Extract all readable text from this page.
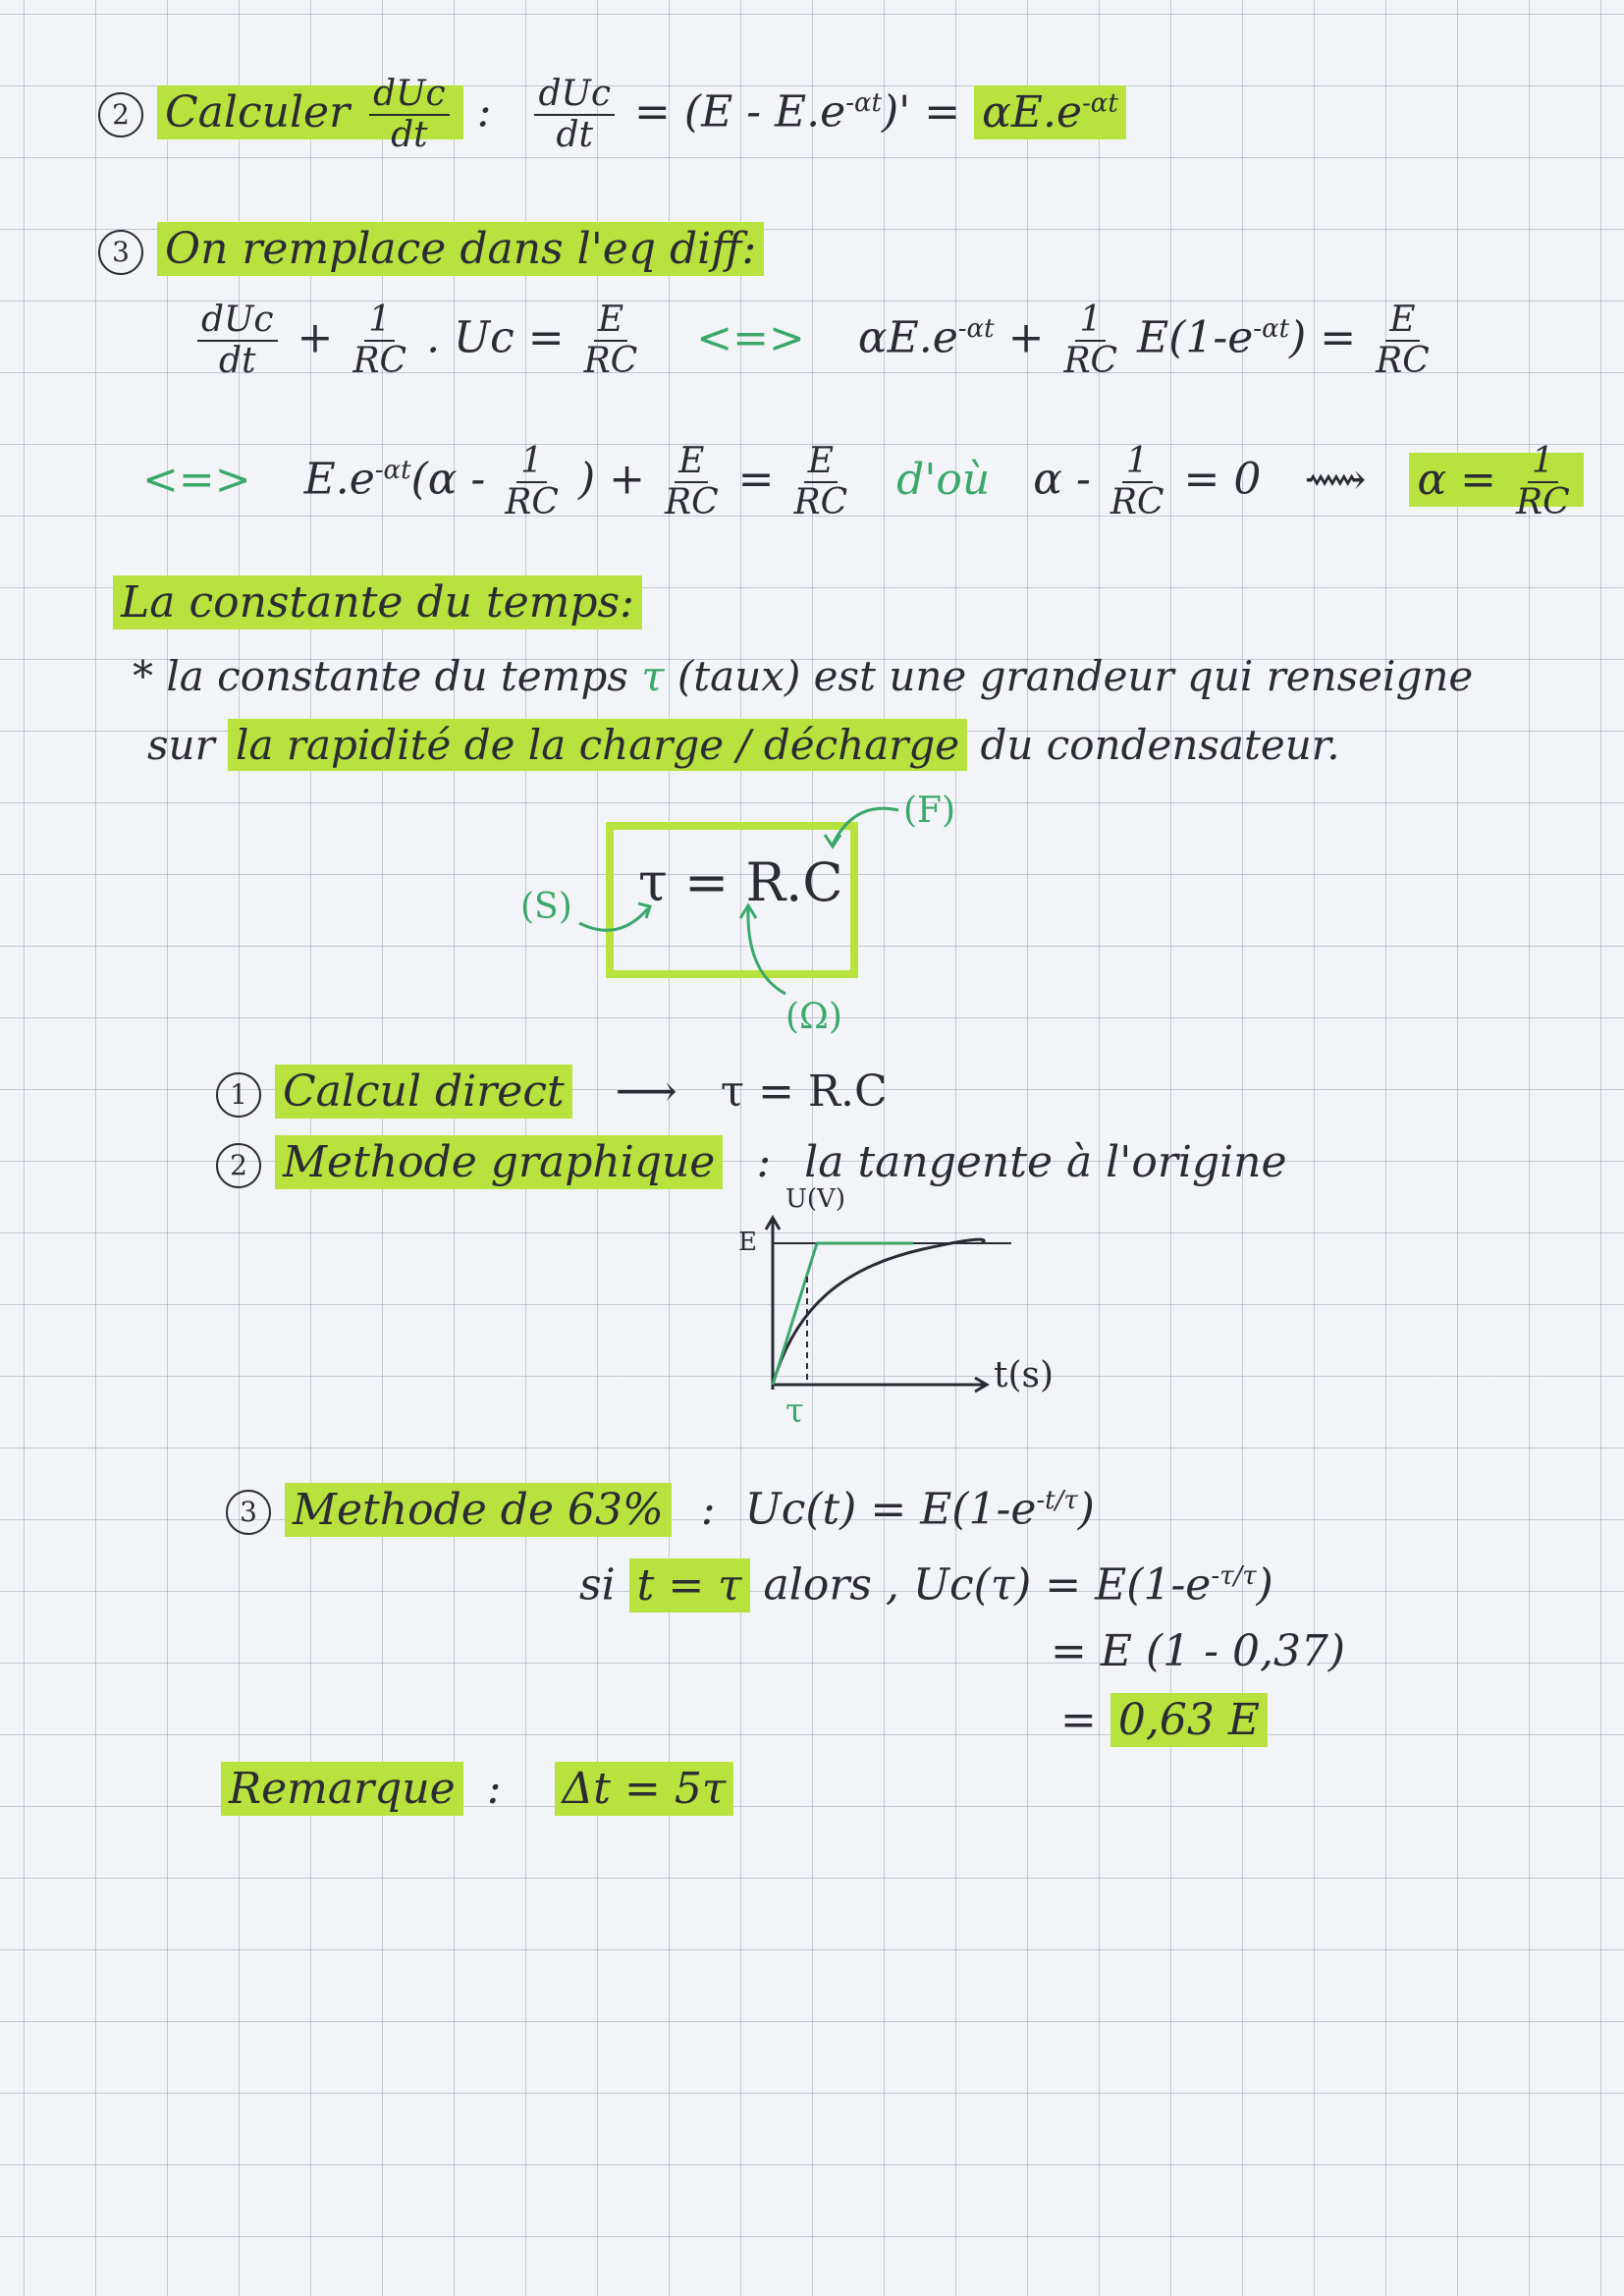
2 Calculer $\frac{\text{dUc}}{dt}$ : $\frac{\text{dUc}}{dt} = (E - E.e^{-\alpha t})' = \alpha E.e^{-\alpha t}$
3 On remplace dans l'eq diff:
$\frac{\text{dUc}}{dt} + \frac{1}{RC}$ . $Uc = \frac{E}{RC}$ <=> $\alpha E.e^{-\alpha t} + \frac{1}{RC} E(1-e^{-\alpha t}) = \frac{E}{RC}$
<=> $E.e^{-\alpha t}(\alpha - \frac{1}{RC}$ ) + $\frac{E}{RC} = \frac{E}{RC}$ d'où $\alpha - \frac{1}{RC} = 0$ ⟿ $\alpha = \frac{1}{RC}$
La constante du temps:
* la constante du temps τ (taux) est une grandeur qui renseigne
sur la rapidité de la charge / décharge du condensateur.
τ = R.C
(S)
(F)
(Ω)
1 Calcul direct ⟶ τ = R.C
2 Methode graphique : la tangente à l'origine
U(V)
E
t(s)
τ
3 Methode de 63% : $Uc(t) = E(1-e^{-t/\tau})$
si t = τ alors , $Uc(\tau) = E(1-e^{-\tau/\tau})$
= E (1 - 0,37)
= 0,63 E
Remarque : Δt = 5τ
